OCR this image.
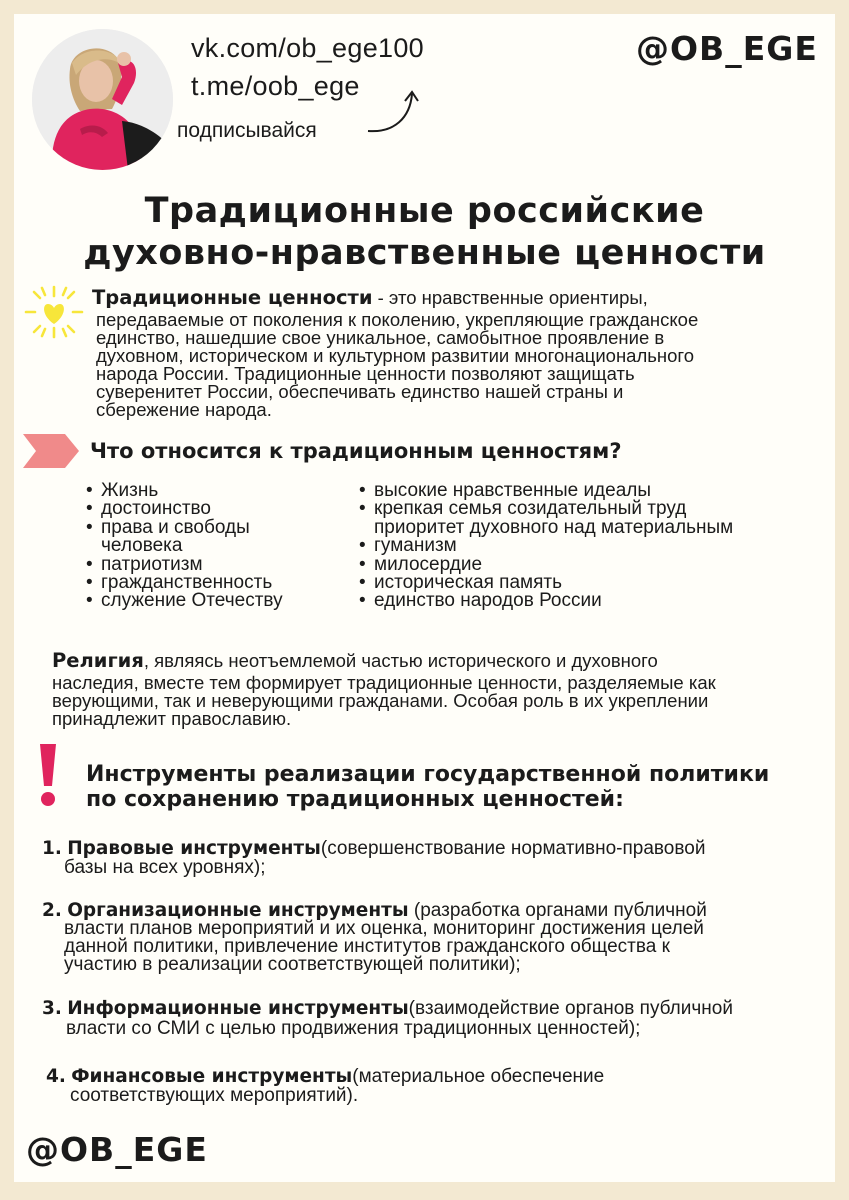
vk.com/ob_ege100
t.me/oob_ege
подписывайся
@OB_EGE
Традиционные российские
духовно-нравственные ценности
Традиционные ценности - это нравственные ориентиры,
передаваемые от поколения к поколению, укрепляющие гражданское
единство, нашедшие свое уникальное, самобытное проявление в
духовном, историческом и культурном развитии многонационального
народа России. Традиционные ценности позволяют защищать
суверенитет России, обеспечивать единство нашей страны и
сбережение народа.
Что относится к традиционным ценностям?
• Жизнь
• достоинство
• права и свободы
человека
• патриотизм
• гражданственность
• служение Отечеству
• высокие нравственные идеалы
• крепкая семья созидательный труд
приоритет духовного над материальным
• гуманизм
• милосердие
• историческая память
• единство народов России
Религия, являясь неотъемлемой частью исторического и духовного
наследия, вместе тем формирует традиционные ценности, разделяемые как
верующими, так и неверующими гражданами. Особая роль в их укреплении
принадлежит православию.
Инструменты реализации государственной политики
по сохранению традиционных ценностей:
1. Правовые инструменты(совершенствование нормативно-правовой
базы на всех уровнях);
2. Организационные инструменты (разработка органами публичной
власти планов мероприятий и их оценка, мониторинг достижения целей
данной политики, привлечение институтов гражданского общества к
участию в реализации соответствующей политики);
3. Информационные инструменты(взаимодействие органов публичной
власти со СМИ с целью продвижения традиционных ценностей);
4. Финансовые инструменты(материальное обеспечение
соответствующих мероприятий).
@OB_EGE
